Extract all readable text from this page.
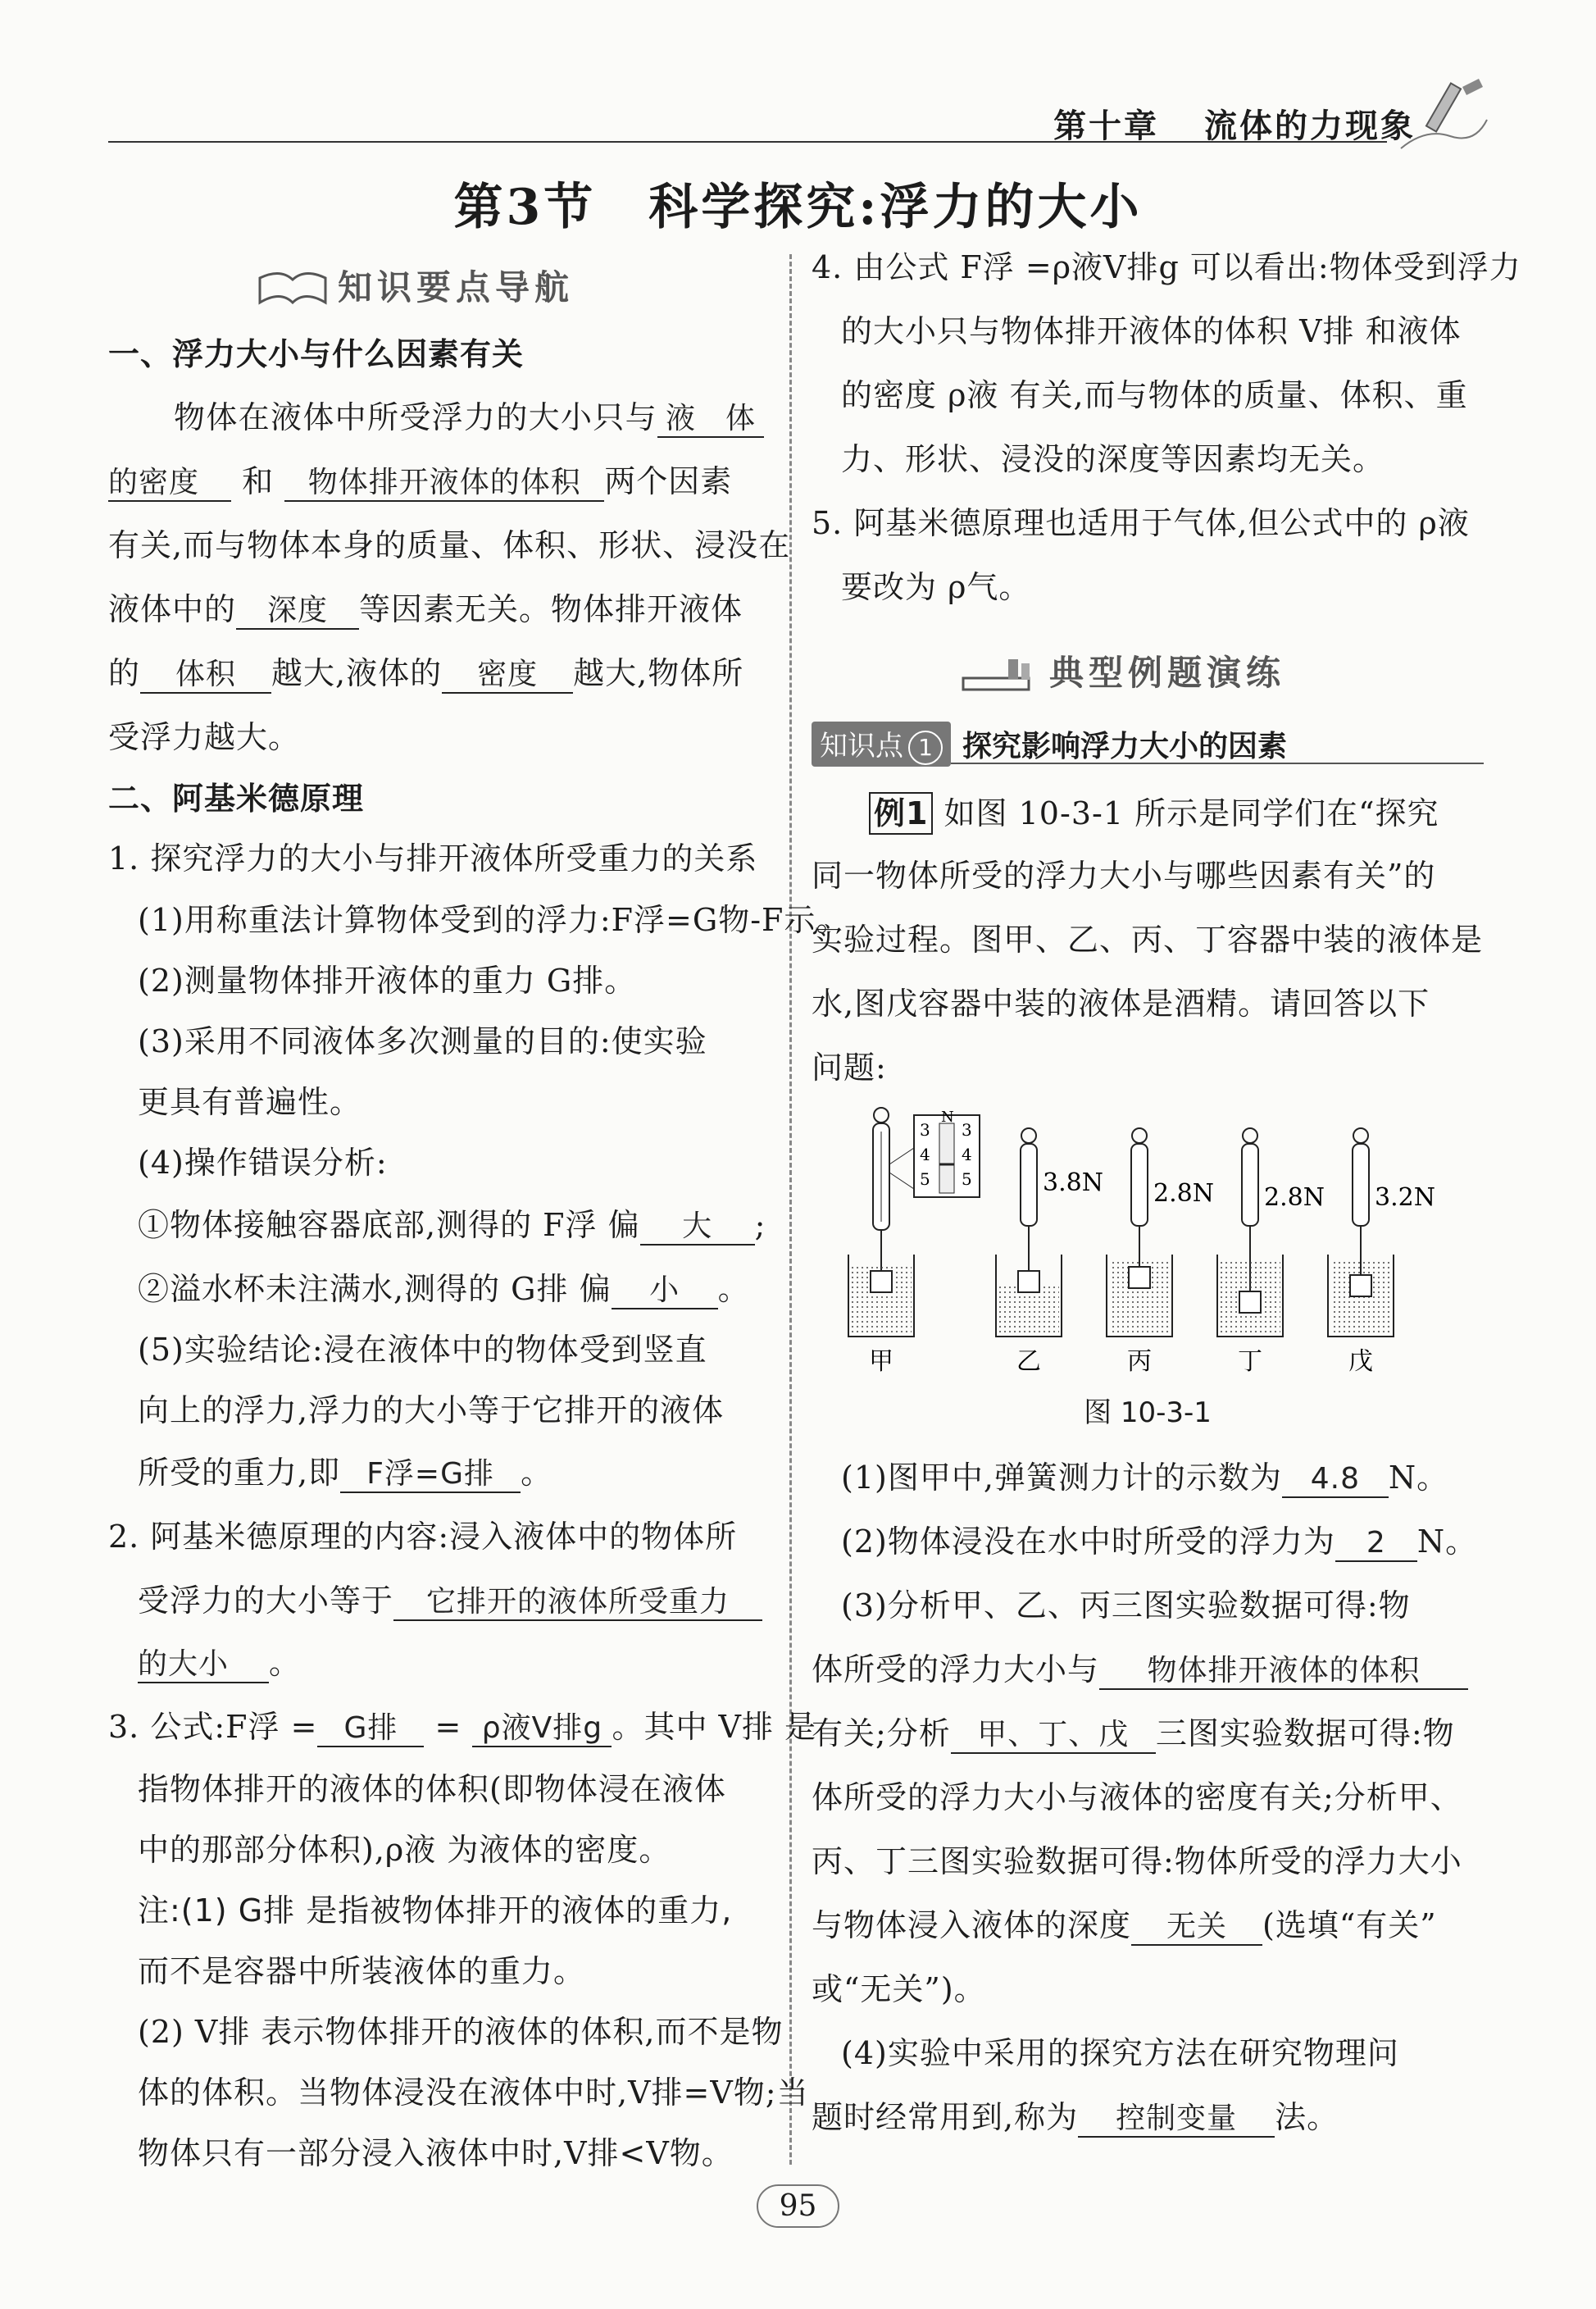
第十章 流体的力现象
第3节　科学探究:浮力的大小
知识要点导航
一、浮力大小与什么因素有关
物体在液体中所受浮力的大小只与 液体
的密度 和 物体排开液体的体积 两个因素
有关,而与物体本身的质量、体积、形状、浸没在
液体中的 深度 等因素无关。物体排开液体
的 体积 越大,液体的 密度 越大,物体所
受浮力越大。
二、阿基米德原理
1. 探究浮力的大小与排开液体所受重力的关系
(1)用称重法计算物体受到的浮力:F浮=G物-F示。
(2)测量物体排开液体的重力 G排。
(3)采用不同液体多次测量的目的:使实验
更具有普遍性。
(4)操作错误分析:
①物体接触容器底部,测得的 F浮 偏 大 ;
②溢水杯未注满水,测得的 G排 偏 小 。
(5)实验结论:浸在液体中的物体受到竖直
向上的浮力,浮力的大小等于它排开的液体
所受的重力,即 F浮=G排 。
2. 阿基米德原理的内容:浸入液体中的物体所
受浮力的大小等于 它排开的液体所受重力
的大小 。
3. 公式:F浮 = G排 = ρ液V排g 。其中 V排 是
指物体排开的液体的体积(即物体浸在液体
中的那部分体积),ρ液 为液体的密度。
注:(1) G排 是指被物体排开的液体的重力,
而不是容器中所装液体的重力。
(2) V排 表示物体排开的液体的体积,而不是物
体的体积。当物体浸没在液体中时,V排=V物;当
物体只有一部分浸入液体中时,V排<V物。
4. 由公式 F浮 =ρ液V排g 可以看出:物体受到浮力
的大小只与物体排开液体的体积 V排 和液体
的密度 ρ液 有关,而与物体的质量、体积、重
力、形状、浸没的深度等因素均无关。
5. 阿基米德原理也适用于气体,但公式中的 ρ液
要改为 ρ气。
典型例题演练
知识点 1	探究影响浮力大小的因素
例1 如图 10-3-1 所示是同学们在“探究
同一物体所受的浮力大小与哪些因素有关”的
实验过程。图甲、乙、丙、丁容器中装的液体是
水,图戊容器中装的液体是酒精。请回答以下
问题:
3
4
5
N
3
4
5	3.8N 2.8N 2.8N 3.2N
甲	乙	丙	丁	戊
图 10-3-1
(1)图甲中,弹簧测力计的示数为 4.8 N。
(2)物体浸没在水中时所受的浮力为 2 N。
(3)分析甲、乙、丙三图实验数据可得:物
体所受的浮力大小与 物体排开液体的体积
有关;分析 甲、丁、戊 三图实验数据可得:物
体所受的浮力大小与液体的密度有关;分析甲、
丙、丁三图实验数据可得:物体所受的浮力大小
与物体浸入液体的深度 无关 (选填“有关”
或“无关”)。
(4)实验中采用的探究方法在研究物理问
题时经常用到,称为 控制变量 法。
95
